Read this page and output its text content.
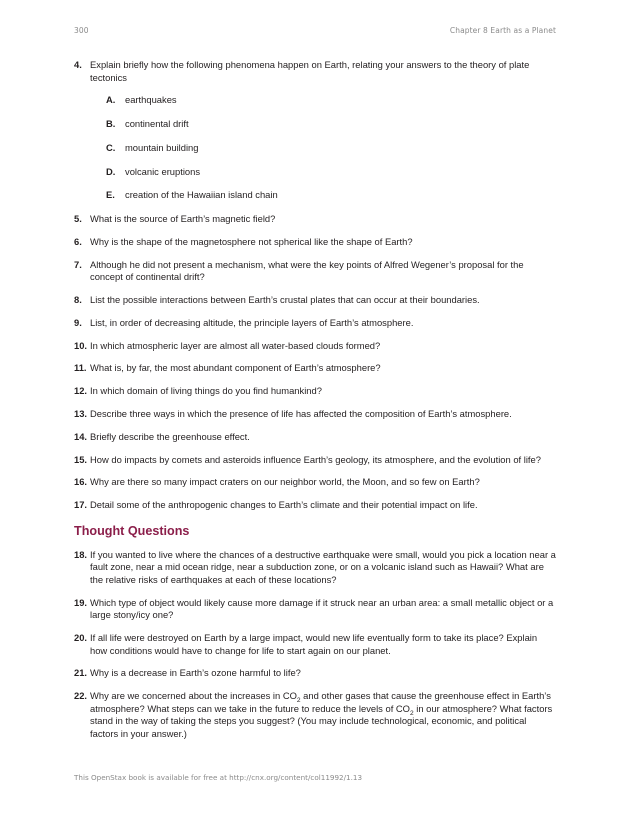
300	Chapter 8 Earth as a Planet
4. Explain briefly how the following phenomena happen on Earth, relating your answers to the theory of plate tectonics
A. earthquakes
B. continental drift
C. mountain building
D. volcanic eruptions
E. creation of the Hawaiian island chain
5. What is the source of Earth’s magnetic field?
6. Why is the shape of the magnetosphere not spherical like the shape of Earth?
7. Although he did not present a mechanism, what were the key points of Alfred Wegener’s proposal for the concept of continental drift?
8. List the possible interactions between Earth’s crustal plates that can occur at their boundaries.
9. List, in order of decreasing altitude, the principle layers of Earth’s atmosphere.
10. In which atmospheric layer are almost all water-based clouds formed?
11. What is, by far, the most abundant component of Earth’s atmosphere?
12. In which domain of living things do you find humankind?
13. Describe three ways in which the presence of life has affected the composition of Earth’s atmosphere.
14. Briefly describe the greenhouse effect.
15. How do impacts by comets and asteroids influence Earth’s geology, its atmosphere, and the evolution of life?
16. Why are there so many impact craters on our neighbor world, the Moon, and so few on Earth?
17. Detail some of the anthropogenic changes to Earth’s climate and their potential impact on life.
Thought Questions
18. If you wanted to live where the chances of a destructive earthquake were small, would you pick a location near a fault zone, near a mid ocean ridge, near a subduction zone, or on a volcanic island such as Hawaii? What are the relative risks of earthquakes at each of these locations?
19. Which type of object would likely cause more damage if it struck near an urban area: a small metallic object or a large stony/icy one?
20. If all life were destroyed on Earth by a large impact, would new life eventually form to take its place? Explain how conditions would have to change for life to start again on our planet.
21. Why is a decrease in Earth’s ozone harmful to life?
22. Why are we concerned about the increases in $CO_2$ and other gases that cause the greenhouse effect in Earth’s atmosphere? What steps can we take in the future to reduce the levels of $CO_2$ in our atmosphere? What factors stand in the way of taking the steps you suggest? (You may include technological, economic, and political factors in your answer.)
This OpenStax book is available for free at http://cnx.org/content/col11992/1.13
